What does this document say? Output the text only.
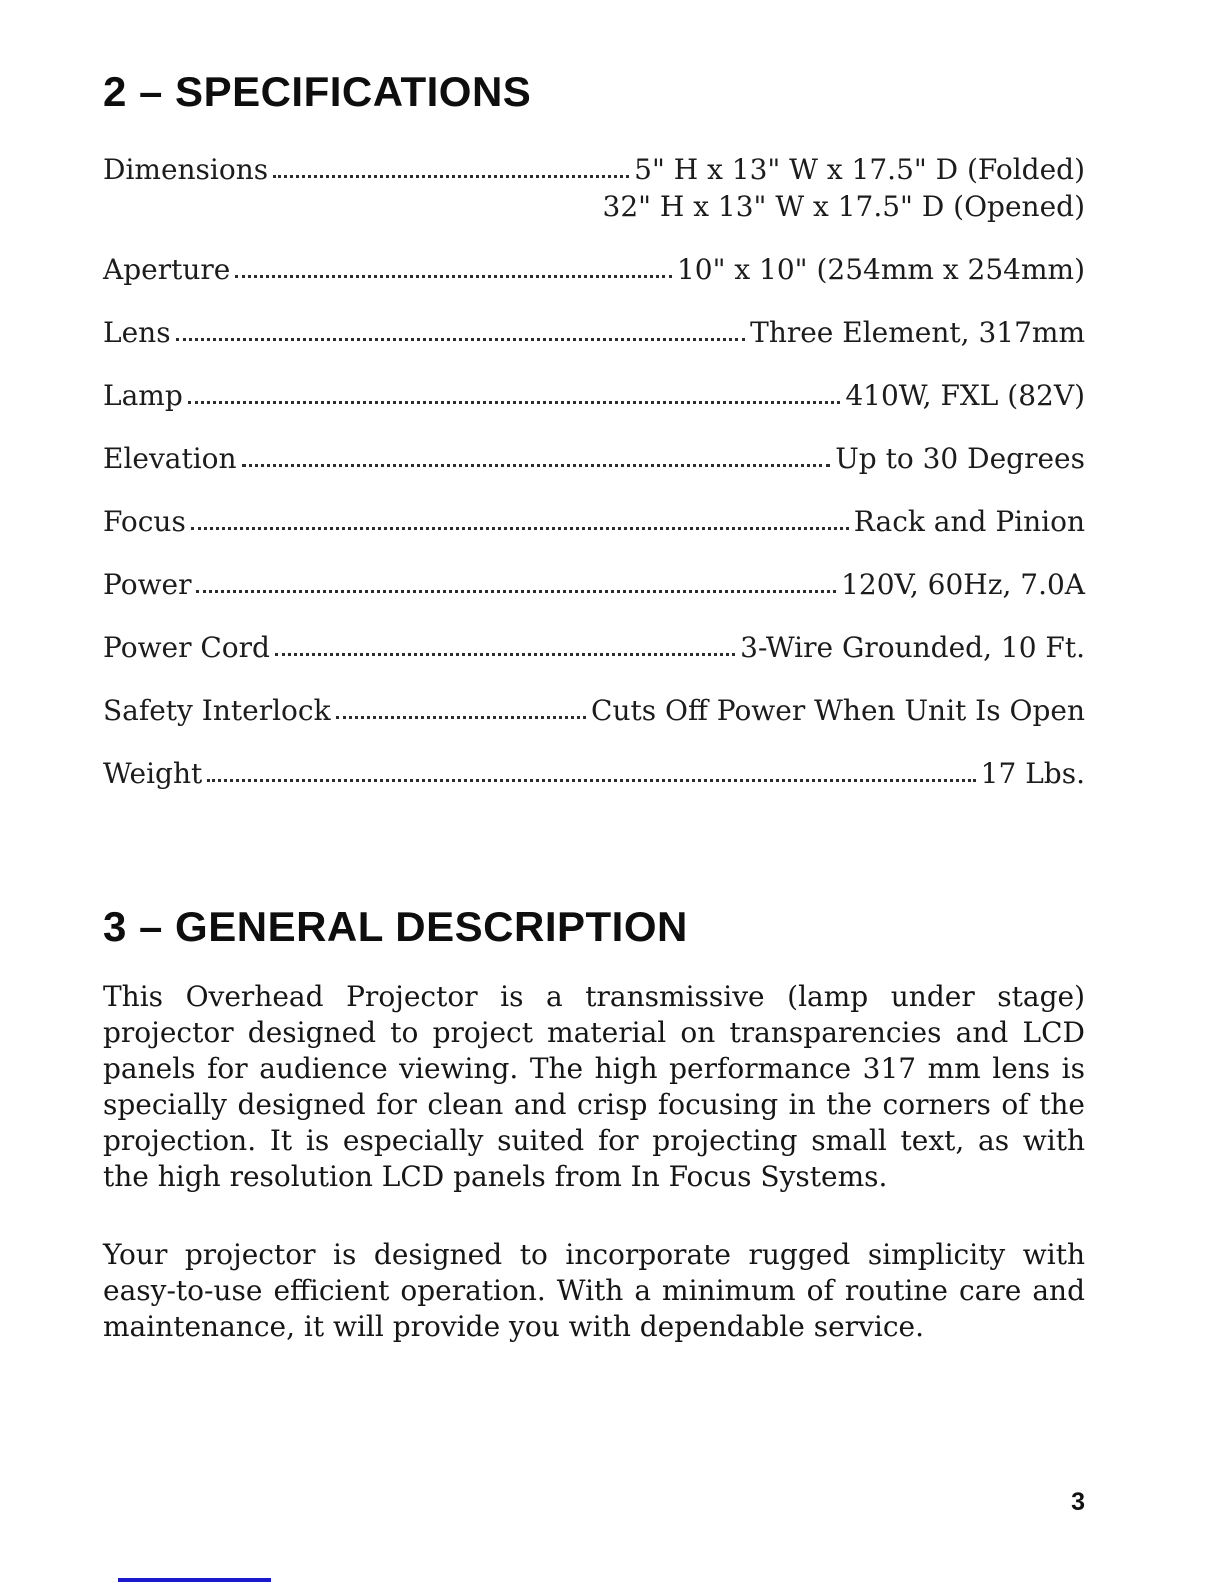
2 – SPECIFICATIONS
Dimensions	5" H x 13" W x 17.5" D (Folded)
32" H x 13" W x 17.5" D (Opened)
Aperture	10" x 10" (254mm x 254mm)
Lens	Three Element, 317mm
Lamp	410W, FXL (82V)
Elevation	Up to 30 Degrees
Focus	Rack and Pinion
Power	120V, 60Hz, 7.0A
Power Cord	3-Wire Grounded, 10 Ft.
Safety Interlock	Cuts Off Power When Unit Is Open
Weight	17 Lbs.
3 – GENERAL DESCRIPTION

This Overhead Projector is a transmissive (lamp under stage) projector designed to project material on transparencies and LCD panels for audience viewing. The high performance 317 mm lens is specially designed for clean and crisp focusing in the corners of the projection. It is especially suited for projecting small text, as with the high resolution LCD panels from In Focus Systems.

Your projector is designed to incorporate rugged simplicity with easy-to-use efficient operation. With a minimum of routine care and maintenance, it will provide you with dependable service.

3
